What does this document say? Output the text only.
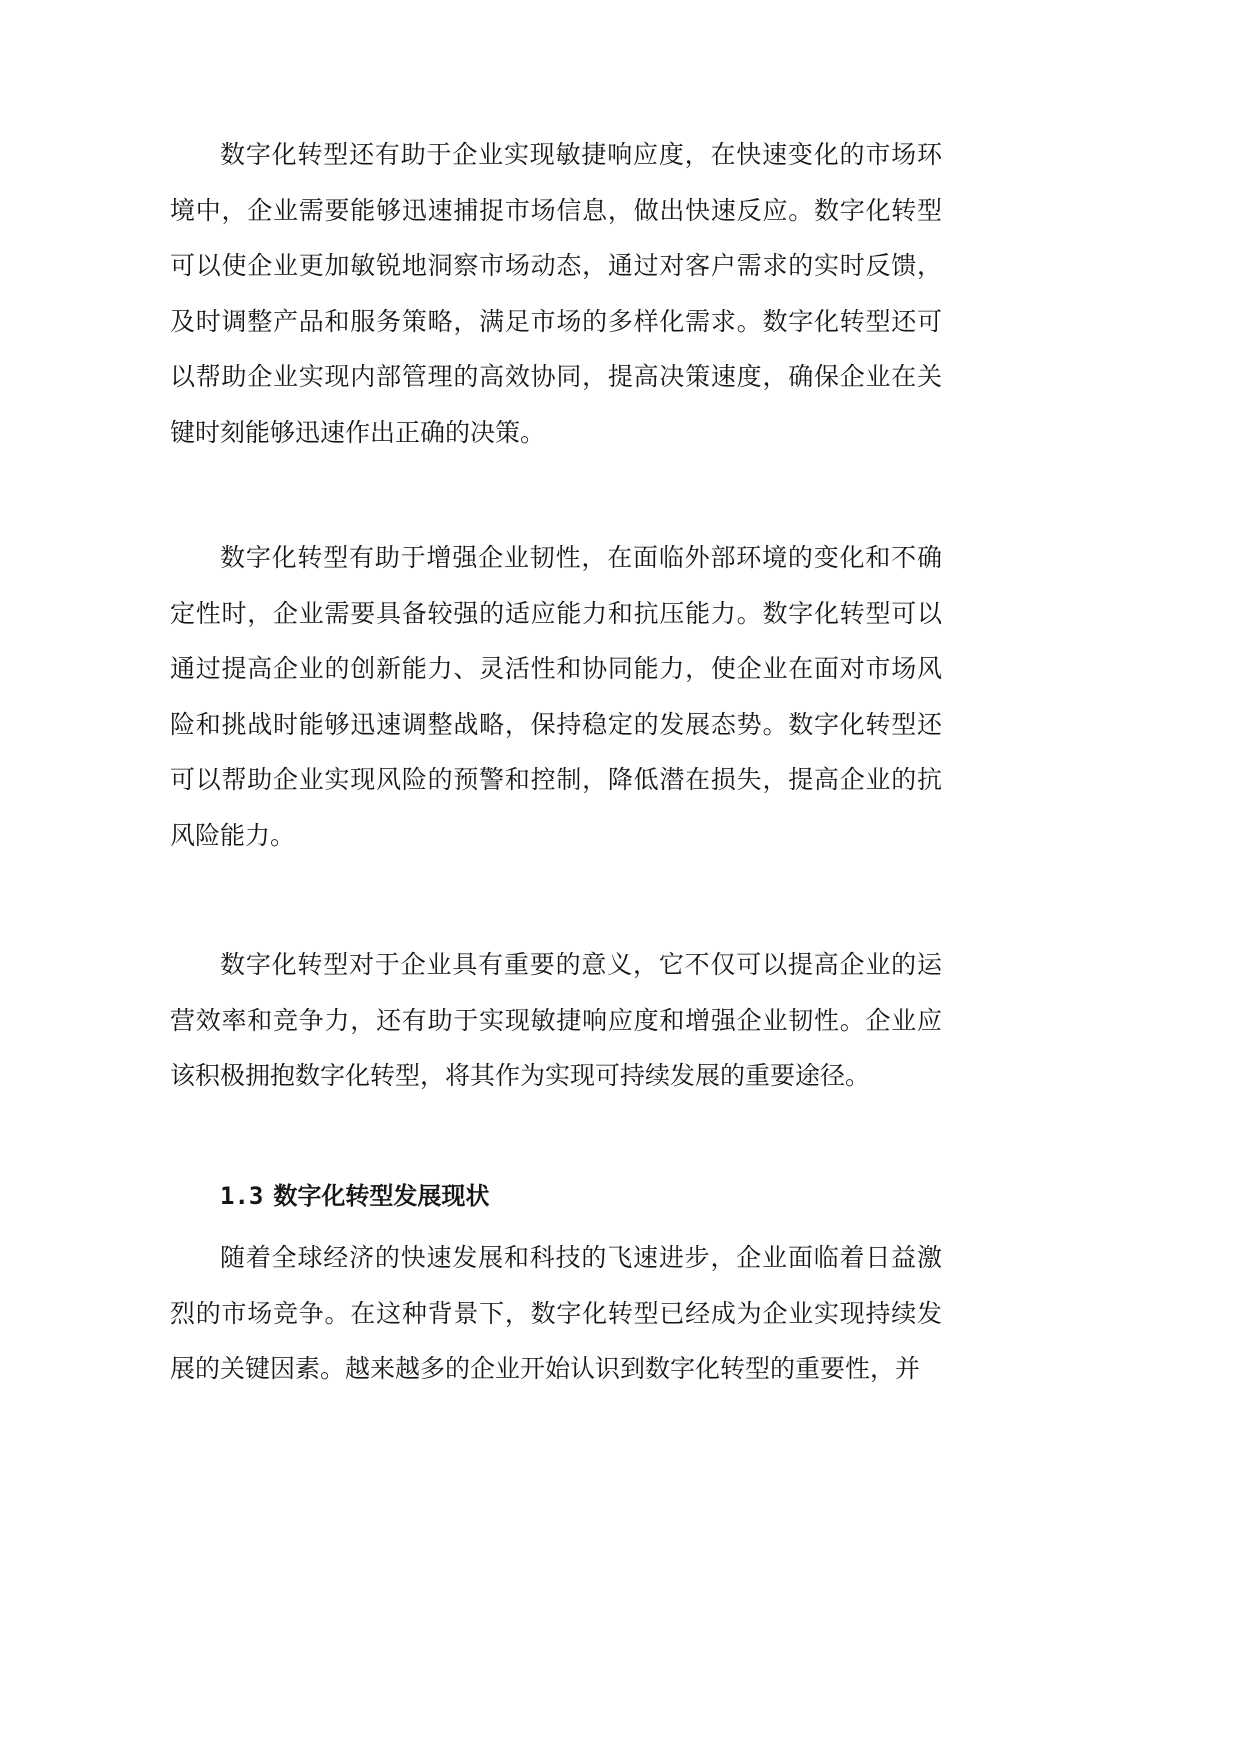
数字化转型还有助于企业实现敏捷响应度，在快速变化的市场环境中，企业需要能够迅速捕捉市场信息，做出快速反应。数字化转型可以使企业更加敏锐地洞察市场动态，通过对客户需求的实时反馈，及时调整产品和服务策略，满足市场的多样化需求。数字化转型还可以帮助企业实现内部管理的高效协同，提高决策速度，确保企业在关键时刻能够迅速作出正确的决策。

数字化转型有助于增强企业韧性，在面临外部环境的变化和不确定性时，企业需要具备较强的适应能力和抗压能力。数字化转型可以通过提高企业的创新能力、灵活性和协同能力，使企业在面对市场风险和挑战时能够迅速调整战略，保持稳定的发展态势。数字化转型还可以帮助企业实现风险的预警和控制，降低潜在损失，提高企业的抗风险能力。

数字化转型对于企业具有重要的意义，它不仅可以提高企业的运营效率和竞争力，还有助于实现敏捷响应度和增强企业韧性。企业应该积极拥抱数字化转型，将其作为实现可持续发展的重要途径。

1.3 数字化转型发展现状

随着全球经济的快速发展和科技的飞速进步，企业面临着日益激烈的市场竞争。在这种背景下，数字化转型已经成为企业实现持续发展的关键因素。越来越多的企业开始认识到数字化转型的重要性，并
